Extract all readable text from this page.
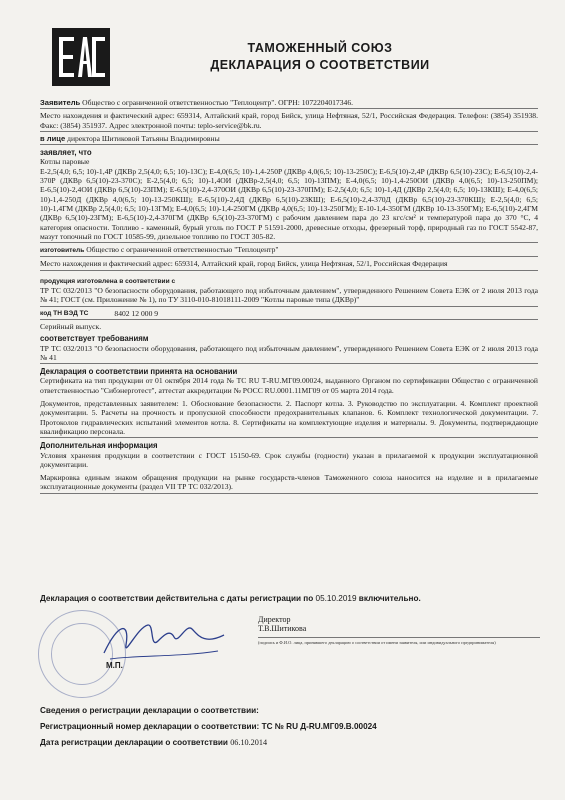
ТАМОЖЕННЫЙ СОЮЗ
ДЕКЛАРАЦИЯ О СООТВЕТСТВИИ
Заявитель Общество с ограниченной ответственностью "Теплоцентр". ОГРН: 1072204017346.

Место нахождения и фактический адрес: 659314, Алтайский край, город Бийск, улица Нефтяная, 52/1, Российская Федерация. Телефон: (3854) 351938. Факс: (3854) 351937. Адрес электронной почты: teplo-service@bk.ru.

в лице директора Шитиковой Татьяны Владимировны
заявляет, что

Котлы паровые

Е-2,5(4,0; 6,5; 10)-1,4Р (ДКВр 2,5(4,0; 6,5; 10)-13С); Е-4,0(6,5; 10)-1,4-250Р (ДКВр 4,0(6,5; 10)-13-250С); Е-6,5(10)-2,4Р (ДКВр 6,5(10)-23С); Е-6,5(10)-2,4-370Р (ДКВр 6,5(10)-23-370С); Е-2,5(4,0; 6,5; 10)-1,4ОИ (ДКВр-2,5(4,0; 6,5; 10)-13ПМ); Е-4,0(6,5; 10)-1,4-250ОИ (ДКВр 4,0(6,5; 10)-13-250ПМ); Е-6,5(10)-2,4ОИ (ДКВр 6,5(10)-23ПМ); Е-6,5(10)-2,4-370ОИ (ДКВр 6,5(10)-23-370ПМ); Е-2,5(4,0; 6,5; 10)-1,4Д (ДКВр 2,5(4,0; 6,5; 10)-13КШ); Е-4,0(6,5; 10)-1,4-250Д (ДКВр 4,0(6,5; 10)-13-250КШ); Е-6,5(10)-2,4Д (ДКВр 6,5(10)-23КШ); Е-6,5(10)-2,4-370Д (ДКВр 6,5(10)-23-370КШ); Е-2,5(4,0; 6,5; 10)-1,4ГМ (ДКВр 2,5(4,0; 6,5; 10)-13ГМ); Е-4,0(6,5; 10)-1,4-250ГМ (ДКВр 4,0(6,5; 10)-13-250ГМ); Е-10-1,4-350ГМ (ДКВр 10-13-350ГМ); Е-6,5(10)-2,4ГМ (ДКВр 6,5(10)-23ГМ); Е-6,5(10)-2,4-370ГМ (ДКВр 6,5(10)-23-370ГМ) с рабочим давлением пара до 23 кгс/см² и температурой пара до 370 °С, 4 категория опасности. Топливо - каменный, бурый уголь по ГОСТ Р 51591-2000, древесные отходы, фрезерный торф, природный газ по ГОСТ 5542-87, мазут топочный по ГОСТ 10585-99, дизельное топливо по ГОСТ 305-82.

изготовитель Общество с ограниченной ответственностью "Теплоцентр"

Место нахождения и фактический адрес: 659314, Алтайский край, город Бийск, улица Нефтяная, 52/1, Российская Федерация

продукция изготовлена в соответствии с

ТР ТС 032/2013 "О безопасности оборудования, работающего под избыточным давлением", утвержденного Решением Совета ЕЭК от 2 июля 2013 года № 41; ГОСТ (см. Приложение № 1), по ТУ 3110-010-81018111-2009 "Котлы паровые типа (ДКВр)"

код ТН ВЭД ТС	8402 12 000 9

Серийный выпуск.

соответствует требованиям

ТР ТС 032/2013 "О безопасности оборудования, работающего под избыточным давлением", утвержденного Решением Совета ЕЭК от 2 июля 2013 года № 41

Декларация о соответствии принята на основании

Сертификата на тип продукции от 01 октября 2014 года № ТС RU Т-RU.МГ09.00024, выданного Органом по сертификации Общество с ограниченной ответственностью "Сибэнерготест", аттестат аккредитации № РОСС RU.0001.11МГ09 от 05 марта 2014 года.

Документов, представленных заявителем: 1. Обоснование безопасности. 2. Паспорт котла. 3. Руководство по эксплуатации. 4. Комплект проектной документации. 5. Расчеты на прочность и пропускной способности предохранительных клапанов. 6. Комплект технологической документации. 7. Протоколов гидравлических испытаний элементов котла. 8. Сертификаты на комплектующие изделия и материалы. 9. Документы, подтверждающие квалификацию персонала.

Дополнительная информация

Условия хранения продукции в соответствии с ГОСТ 15150-69. Срок службы (годности) указан в прилагаемой к продукции эксплуатационной документации.

Маркировка единым знаком обращения продукции на рынке государств-членов Таможенного союза наносится на изделие и в прилагаемые эксплуатационные документы (раздел VII ТР ТС 032/2013).

Декларация о соответствии действительна с даты регистрации по 05.10.2019 включительно.
М.П.
Директор
Т.В.Шитикова
(подпись и Ф.И.О. лица, принявшего декларацию о соответствии от имени заявителя, или индивидуального предпринимателя)
Сведения о регистрации декларации о соответствии:
Регистрационный номер декларации о соответствии: ТС № RU Д-RU.МГ09.В.00024
Дата регистрации декларации о соответствии 06.10.2014
